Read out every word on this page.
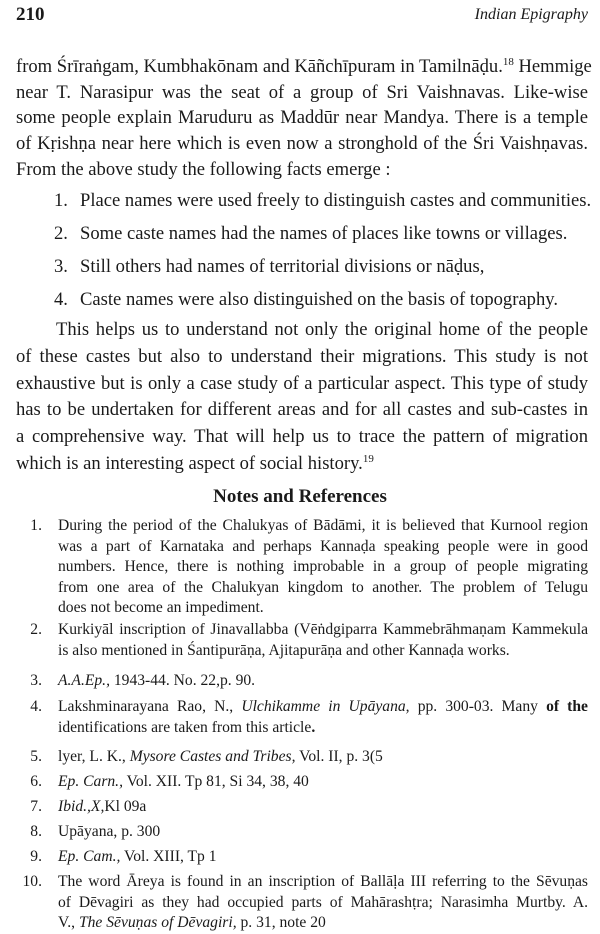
210	Indian Epigraphy
from Śrīraṅgam, Kumbhakōnam and Kāñchīpuram in Tamilnāḍu.$^{18}$ Hemmige
near T. Narasipur was the seat of a group of Sri Vaishnavas. Like-wise
some people explain Maruduru as Maddūr near Mandya. There is a temple
of Kṛishṇa near here which is even now a stronghold of the Śri Vaishṇavas.
From the above study the following facts emerge :
1. Place names were used freely to distinguish castes and communities.
2. Some caste names had the names of places like towns or villages.
3. Still others had names of territorial divisions or nāḍus,
4. Caste names were also distinguished on the basis of topography.
This helps us to understand not only the original home of the people
of these castes but also to understand their migrations. This study is not
exhaustive but is only a case study of a particular aspect. This type of study
has to be undertaken for different areas and for all castes and sub-castes in
a comprehensive way. That will help us to trace the pattern of migration
which is an interesting aspect of social history.$^{19}$
Notes and References
1. During the period of the Chalukyas of Bādāmi, it is believed that Kurnool region
was a part of Karnataka and perhaps Kannaḍa speaking people were in good
numbers. Hence, there is nothing improbable in a group of people migrating
from one area of the Chalukyan kingdom to another. The problem of Telugu
does not become an impediment.
2. Kurkiyāl inscription of Jinavallabba (Vēṅdgiparra Kammebrāhmaṇam Kammekula
is also mentioned in Śantipurāṇa, Ajitapurāṇa and other Kannaḍa works.
3. A.A.Ep., 1943-44. No. 22,p. 90.
4. Lakshminarayana Rao, N., Ulchikamme in Upāyana, pp. 300-03. Many of the
identifications are taken from this article.
5. lyer, L. K., Mysore Castes and Tribes, Vol. II, p. 3(5
6. Ep. Carn., Vol. XII. Tp 81, Si 34, 38, 40
7. Ibid.,X,Kl 09a
8. Upāyana, p. 300
9. Ep. Cam., Vol. XIII, Tp 1
10. The word Āreya is found in an inscription of Ballāḷa III referring to the Sēvuṇas
of Dēvagiri as they had occupied parts of Mahārashṭra; Narasimha Murtby. A.
V., The Sēvuṇas of Dēvagiri, p. 31, note 20
